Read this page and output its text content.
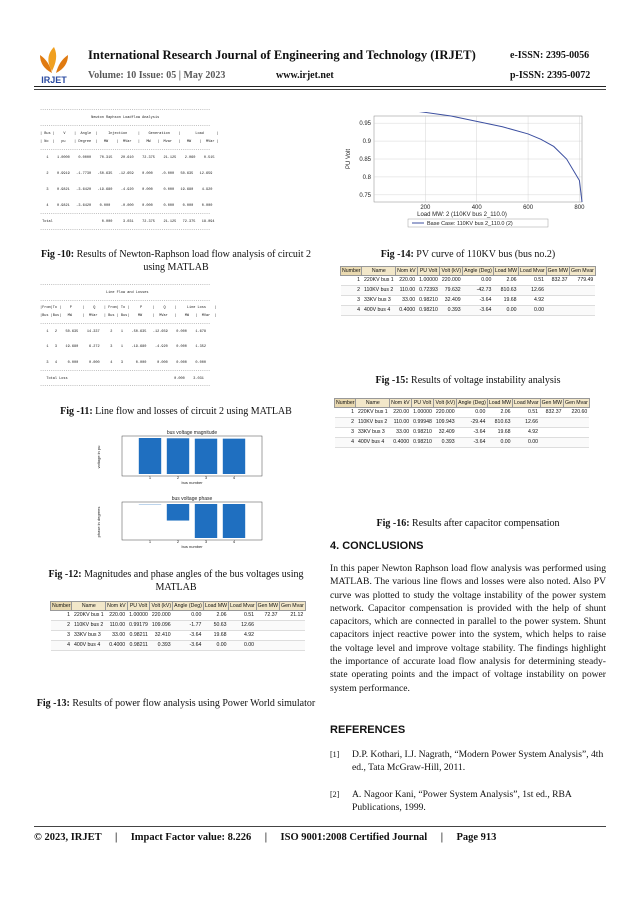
IRJET
International Research Journal of Engineering and Technology (IRJET)	e-ISSN: 2395-0056
Volume: 10 Issue: 05 | May 2023	www.irjet.net	p-ISSN: 2395-0072
--------------------------------------------------------------------------------
Newton Raphson Loadflow Analysis
--------------------------------------------------------------------------------
| Bus |    V    |  Angle  |     Injection     |    Generation    |       Load      |
| No  |   pu    | Degree  |   MW    |  MVar   |   MW   |  Mvar   |   MW    |  MVar |
--------------------------------------------------------------------------------
1    1.0000    0.0000    70.315    20.610    72.375    21.125    2.060    0.515

2    0.9919   -1.7730   -50.635   -12.659    0.000    -0.000   50.635   12.659

3    0.9821   -3.6420   -19.680    -4.920    0.000     0.000   19.680    4.920

4    0.9821   -3.6420    0.000     -0.000    0.000     0.000    0.000    0.000
--------------------------------------------------------------------------------
Total                       0.000     3.031    72.375    21.125   72.375   18.094
--------------------------------------------------------------------------------
Fig -10: Results of Newton-Raphson load flow analysis of circuit 2 using MATLAB
--------------------------------------------------------------------------------
Line Flow and Losses
--------------------------------------------------------------------------------
|From|To |    P     |    Q    | From| To |     P     |    Q    |     Line Loss    |
|Bus |Bus|   MW     |  MVar   | Bus | Bus|    MW     |  MVar   |    MW   |  MVar  |
--------------------------------------------------------------------------------
1   2    50.635    14.337     2    1    -50.635   -12.659    0.000    1.678

1   3    19.680     6.272     3    1    -19.680    -4.920    0.000    1.352

3   4     0.000     0.000     4    3      0.000     0.000    0.000    0.000
--------------------------------------------------------------------------------
Total Loss                                                  0.000    3.031
--------------------------------------------------------------------------------
Fig -11: Line flow and losses of circuit 2 using MATLAB
bus voltage magnitude
voltage in pu
bus number
1	2	3	4
bus voltage phase
phase in degrees
bus number
1	2	3	4
Fig -12: Magnitudes and phase angles of the bus voltages using MATLAB
Number	Name	Nom kV	PU Volt	Volt (kV)	Angle (Deg)	Load MW	Load Mvar	Gen MW	Gen Mvar
1	220KV bus 1	220.00	1.00000	220.000	0.00	2.06	0.51	72.37	21.12
2	110KV bus 2	110.00	0.99179	109.096	-1.77	50.63	12.66		
3	33KV bus 3	33.00	0.98211	32.410	-3.64	19.68	4.92		
4	400V bus 4	0.4000	0.98211	0.393	-3.64	0.00	0.00		
Fig -13: Results of power flow analysis using Power World simulator
0.95
0.9
0.85
0.8
0.75
200	400	600	800
PU Volt
Load MW: 2 (110KV bus 2_110.0)
Base Case: 110KV bus 2_110.0 (2)
Fig -14: PV curve of 110KV bus (bus no.2)
Number	Name	Nom kV	PU Volt	Volt (kV)	Angle (Deg)	Load MW	Load Mvar	Gen MW	Gen Mvar
1	220KV bus 1	220.00	1.00000	220.000	0.00	2.06	0.51	832.37	779.49
2	110KV bus 2	110.00	0.72393	79.632	-42.73	810.63	12.66		
3	33KV bus 3	33.00	0.98210	32.409	-3.64	19.68	4.92		
4	400V bus 4	0.4000	0.98210	0.393	-3.64	0.00	0.00		
Fig -15: Results of voltage instability analysis
Number	Name	Nom kV	PU Volt	Volt (kV)	Angle (Deg)	Load MW	Load Mvar	Gen MW	Gen Mvar
1	220KV bus 1	220.00	1.00000	220.000	0.00	2.06	0.51	832.37	220.60
2	110KV bus 2	110.00	0.99948	109.943	-29.44	810.63	12.66		
3	33KV bus 3	33.00	0.98210	32.409	-3.64	19.68	4.92		
4	400V bus 4	0.4000	0.98210	0.393	-3.64	0.00	0.00		
Fig -16: Results after capacitor compensation
4. CONCLUSIONS
In this paper Newton Raphson load flow analysis was performed using MATLAB. The various line flows and losses were also noted. Also PV curve was plotted to study the voltage instability of the power system network. Capacitor compensation is provided with the help of shunt capacitors, which are connected in parallel to the power system. Shunt capacitors inject reactive power into the system, which helps to raise the voltage level and improve voltage stability. The findings highlight the importance of accurate load flow analysis for determining steady-state operating points and the impact of voltage instability on power system performance.
REFERENCES
[1] D.P. Kothari, I.J. Nagrath, “Modern Power System Analysis”, 4th ed., Tata McGraw-Hill, 2011.
[2] A. Nagoor Kani, “Power System Analysis”, 1st ed., RBA Publications, 1999.
© 2023, IRJET | Impact Factor value: 8.226 | ISO 9001:2008 Certified Journal | Page 913
